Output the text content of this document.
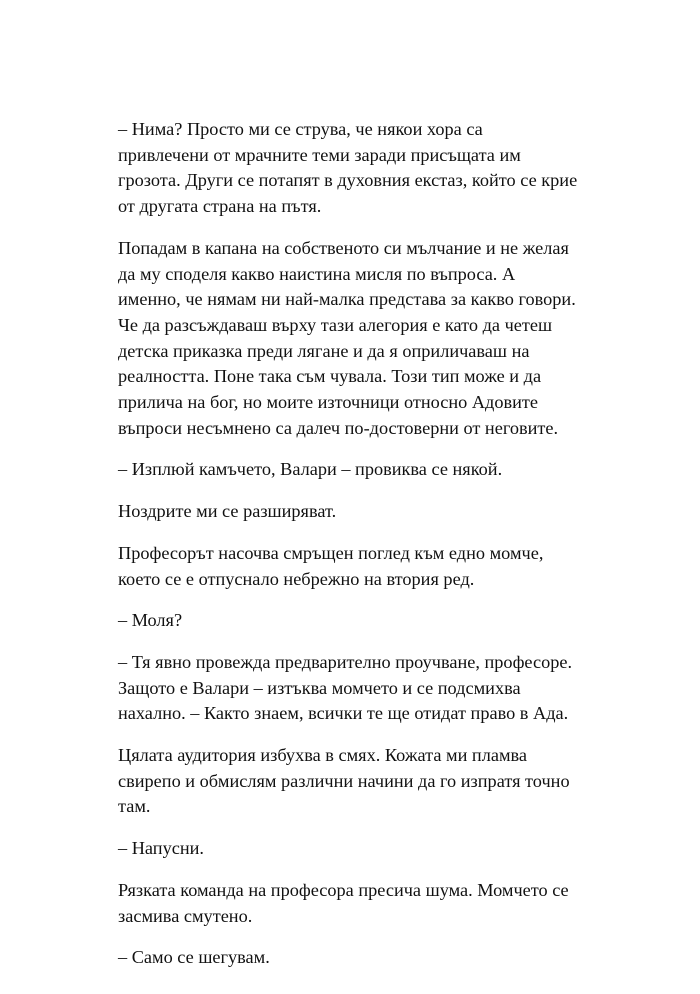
– Нима? Просто ми се струва, че някои хора са
привлечени от мрачните теми заради присъщата им
грозота. Други се потапят в духовния екстаз, който се крие
от другата страна на пътя.

Попадам в капана на собственото си мълчание и не желая
да му споделя какво наистина мисля по въпроса. А
именно, че нямам ни най-малка представа за какво говори.
Че да разсъждаваш върху тази алегория е като да четеш
детска приказка преди лягане и да я оприличаваш на
реалността. Поне така съм чувала. Този тип може и да
прилича на бог, но моите източници относно Адовите
въпроси несъмнено са далеч по-достоверни от неговите.

– Изплюй камъчето, Валари – провиква се някой.

Ноздрите ми се разширяват.

Професорът насочва смръщен поглед към едно момче,
което се е отпуснало небрежно на втория ред.

– Моля?

– Тя явно провежда предварително проучване, професоре.
Защото е Валари – изтъква момчето и се подсмихва
нахално. – Както знаем, всички те ще отидат право в Ада.

Цялата аудитория избухва в смях. Кожата ми пламва
свирепо и обмислям различни начини да го изпратя точно
там.

– Напусни.

Рязката команда на професора пресича шума. Момчето се
засмива смутено.

– Само се шегувам.
